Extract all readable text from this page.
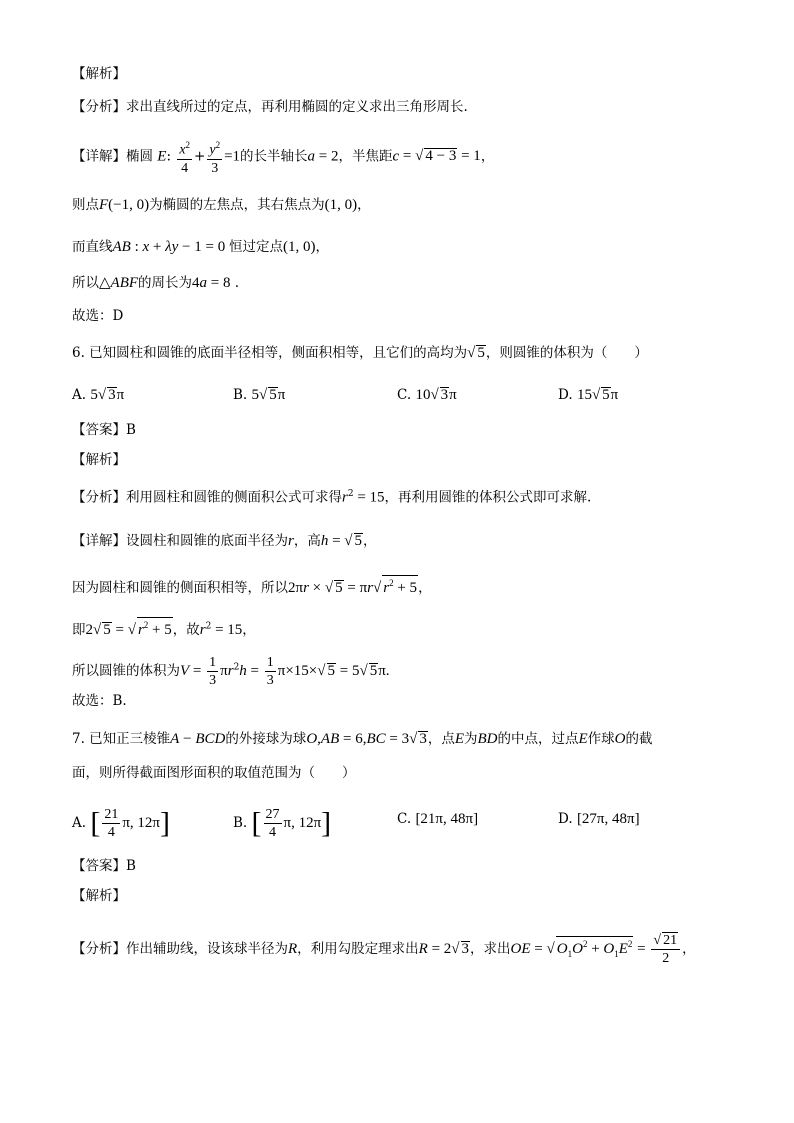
【解析】
【分析】求出直线所过的定点，再利用椭圆的定义求出三角形周长.
【详解】椭圆 E: $\frac{x^2}{4} + \frac{y^2}{3} =1$的长半轴长a = 2，半焦距c = √ 4 − 3 = 1，
则点F(−1, 0)为椭圆的左焦点，其右焦点为(1, 0)，
而直线AB : x + λy − 1 = 0 恒过定点(1, 0)，
所以△ABF的周长为4a = 8 .
故选：D
6. 已知圆柱和圆锥的底面半径相等，侧面积相等，且它们的高均为√ 5，则圆锥的体积为（　　）
A. 5√ 3π	B. 5√ 5π	C. 10√ 3π	D. 15√ 5π
【答案】B
【解析】
【分析】利用圆柱和圆锥的侧面积公式可求得$r^2 = 15$，再利用圆锥的体积公式即可求解.
【详解】设圆柱和圆锥的底面半径为r，高h = √ 5，
因为圆柱和圆锥的侧面积相等，所以2πr × √ 5 = πr√ $r^2 + 5$，
即2√ 5 = √ $r^2 + 5$，故$r^2 = 15$，
所以圆锥的体积为$V = \frac{1}{3} \pi r^2h = \frac{1}{3} \pi\times 15\times√$ 5 = 5√ 5π.
故选：B.
7. 已知正三棱锥A − BCD的外接球为球O,AB = 6,BC = 3√ 3，点E为BD的中点，过点E作球O的截
面，则所得截面图形面积的取值范围为（　　）
A. [ $\frac{21}{4} \pi$, 12π]	B. [ $\frac{27}{4} \pi$, 12π]	C. [21π, 48π]	D. [27π, 48π]
【答案】B
【解析】
【分析】作出辅助线，设该球半径为R，利用勾股定理求出R = 2√ 3，求出OE = √ $O_1O^2 + O_1E^2 = \frac{√ 21}{2}$ ，
